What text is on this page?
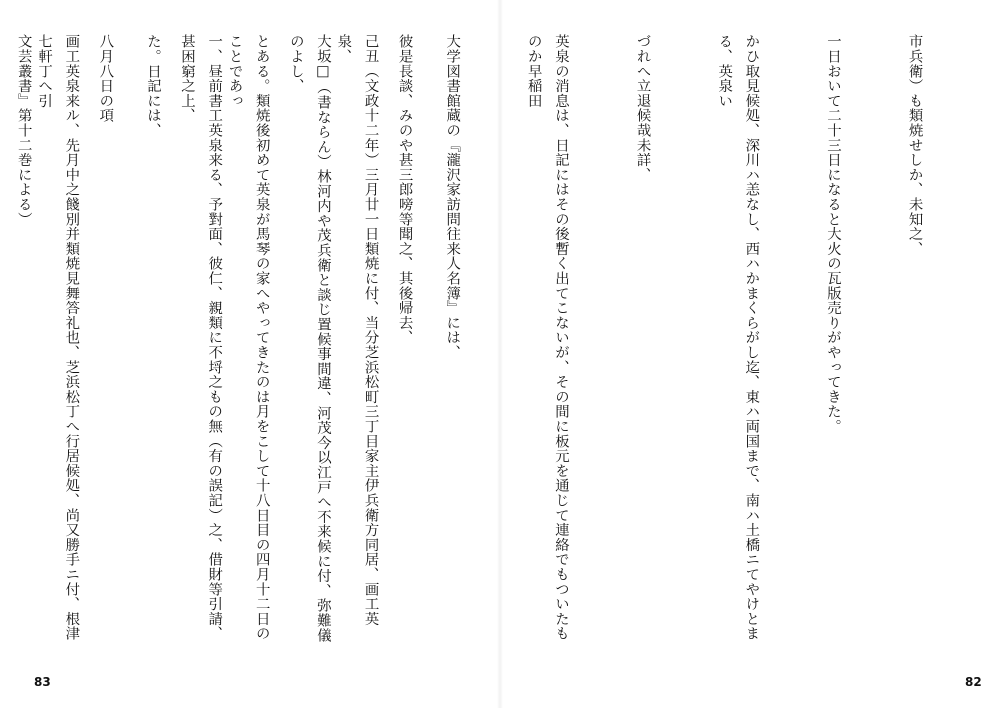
彼是長談、みのや甚三郎嗙等聞之、其後帰去、

大坂□（書ならん）林河内や茂兵衛と談じ置候事間違、河茂今以江戸へ不来候に付、弥難儀のよし、

一、昼前書工英泉来る、予對面、彼仁、親類に不埒之もの無（有の誤記）之、借財等引請、甚困窮之上、

八月八日の項

文芸叢書』第十二巻による）

83

市兵衛）も類焼せしか、未知之、

一日おいて二十三日になると大火の瓦版売りがやってきた。

かひ取見候処、深川ハ恙なし、西ハかまくらがし迄、東ハ両国まで、南ハ土橋ニてやけとまる、英泉い

づれへ立退候哉未詳、

英泉の消息は、日記にはその後暫く出てこないが、その間に板元を通じて連絡でもついたものか早稲田

大学図書館蔵の『瀧沢家訪問往来人名簿』には、

己丑（文政十二年）三月廿一日類焼に付、当分芝浜松町三丁目家主伊兵衛方同居、画工英泉、

とある。類焼後初めて英泉が馬琴の家へやってきたのは月をこして十八日目の四月十二日のことであっ

た。日記には、

画工英泉来ル、先月中之餞別并類焼見舞答礼也、芝浜松丁へ行居候処、尚又勝手ニ付、根津七軒丁へ引

82
